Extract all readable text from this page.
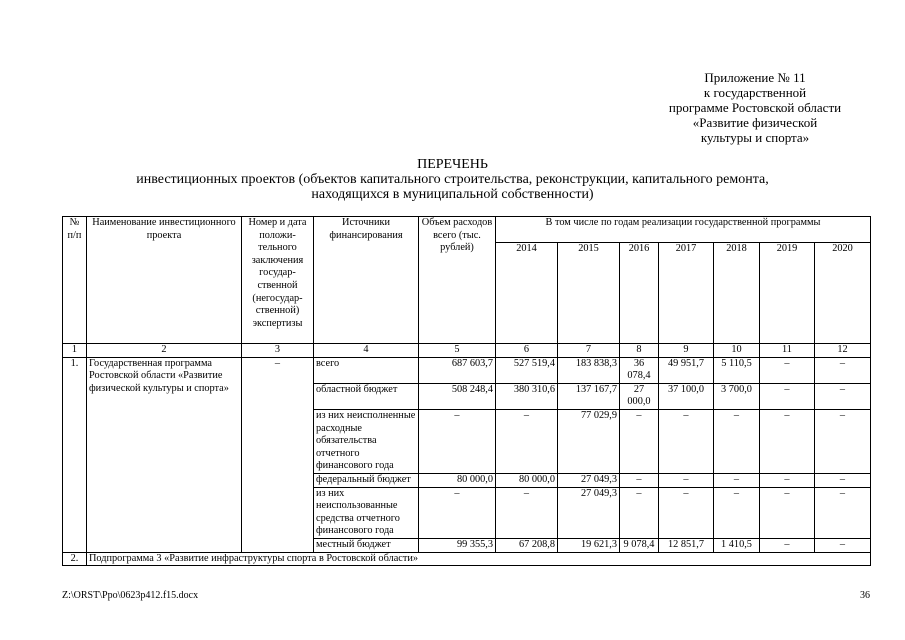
Приложение № 11
к государственной
программе Ростовской области
«Развитие физической
культуры и спорта»
ПЕРЕЧЕНЬ
инвестиционных проектов (объектов капитального строительства, реконструкции, капитального ремонта,
находящихся в муниципальной собственности)
№ п/п	Наименование инвестиционного проекта	Номер и дата положи-тельного заключения государ-ственной (негосудар-ственной) экспертизы	Источники финансирования	Объем расходов всего (тыс. рублей)	В том числе по годам реализации государственной программы						
					2014	2015	2016	2017	2018	2019	2020
1	2	3	4	5	6	7	8	9	10	11	12
1.	Государственная программа Ростовской области «Развитие физической культуры и спорта»	–	всего	687 603,7	527 519,4	183 838,3	36 078,4	49 951,7	5 110,5	–	–
			областной бюджет	508 248,4	380 310,6	137 167,7	27 000,0	37 100,0	3 700,0	–	–
			из них неисполненные расходные обязательства отчетного финансового года	–	–	77 029,9	–	–	–	–	–
			федеральный бюджет	80 000,0	80 000,0	27 049,3	–	–	–	–	–
			из них неиспользованные средства отчетного финансового года	–	–	27 049,3	–	–	–	–	–
			местный бюджет	99 355,3	67 208,8	19 621,3	9 078,4	12 851,7	1 410,5	–	–
2.	Подпрограмма 3 «Развитие инфраструктуры спорта в Ростовской области»										
Z:\ORST\Ppo\0623p412.f15.docx	36
